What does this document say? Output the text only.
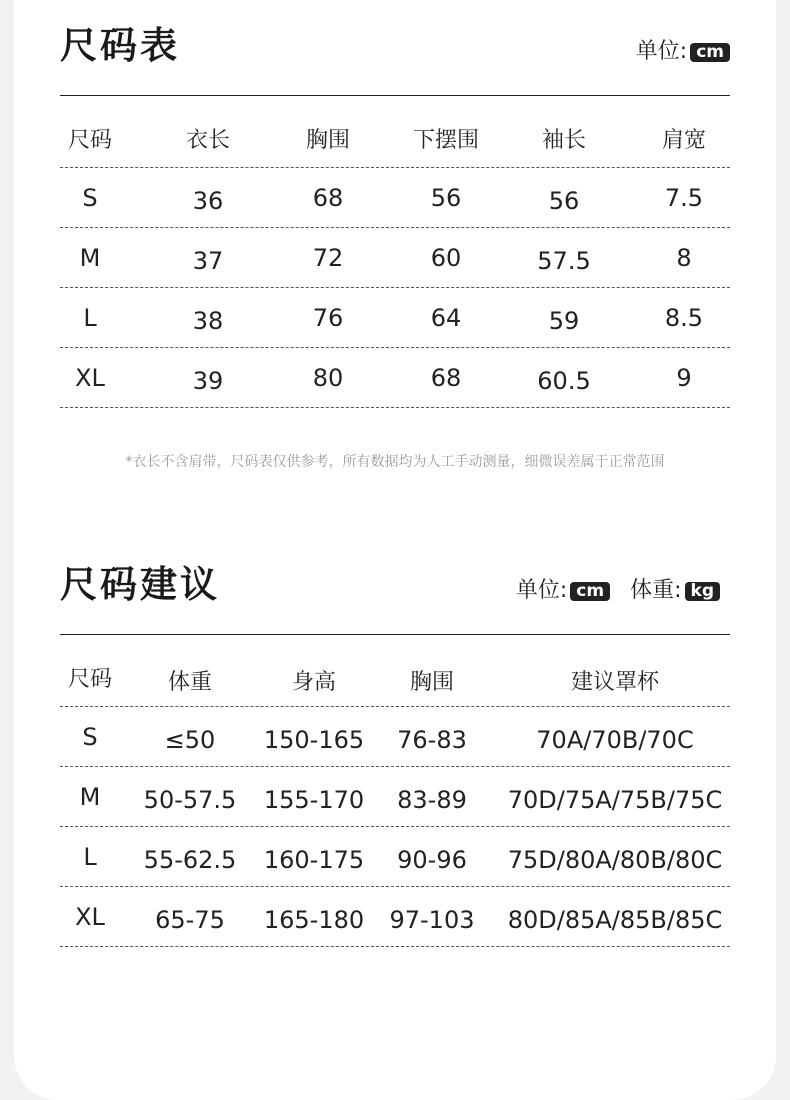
尺码表	单位: cm
尺码	衣长	胸围	下摆围	袖长	肩宽
S	36	68	56	56	7.5
M	37	72	60	57.5	8
L	38	76	64	59	8.5
XL	39	80	68	60.5	9
*衣长不含肩带，尺码表仅供参考，所有数据均为人工手动测量，细微误差属于正常范围
尺码建议	单位: cm 体重: kg
尺码	体重	身高	胸围	建议罩杯
S	≤50	150-165	76-83	70A/70B/70C
M	50-57.5	155-170	83-89	70D/75A/75B/75C
L	55-62.5	160-175	90-96	75D/80A/80B/80C
XL	65-75	165-180	97-103	80D/85A/85B/85C
